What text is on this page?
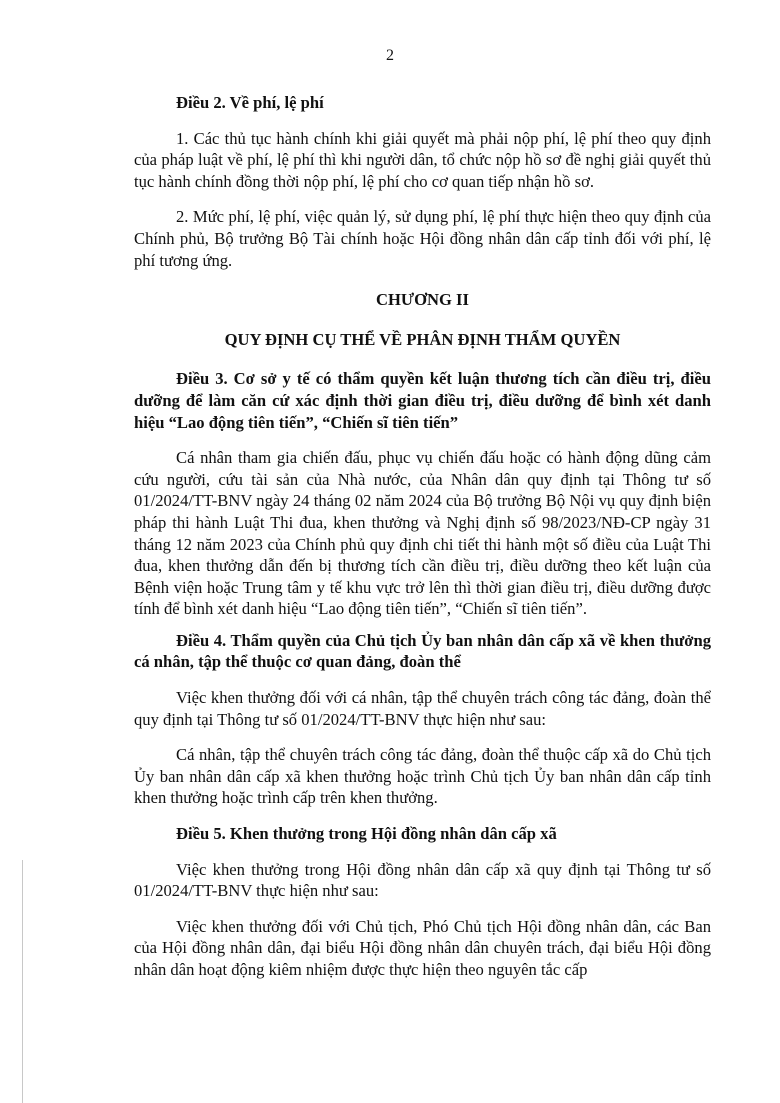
2

Điều 2. Về phí, lệ phí

1. Các thủ tục hành chính khi giải quyết mà phải nộp phí, lệ phí theo quy định của pháp luật về phí, lệ phí thì khi người dân, tổ chức nộp hồ sơ đề nghị giải quyết thủ tục hành chính đồng thời nộp phí, lệ phí cho cơ quan tiếp nhận hồ sơ.

2. Mức phí, lệ phí, việc quản lý, sử dụng phí, lệ phí thực hiện theo quy định của Chính phủ, Bộ trưởng Bộ Tài chính hoặc Hội đồng nhân dân cấp tỉnh đối với phí, lệ phí tương ứng.

CHƯƠNG II

QUY ĐỊNH CỤ THỂ VỀ PHÂN ĐỊNH THẨM QUYỀN

Điều 3. Cơ sở y tế có thẩm quyền kết luận thương tích cần điều trị, điều dưỡng để làm căn cứ xác định thời gian điều trị, điều dưỡng để bình xét danh hiệu “Lao động tiên tiến”, “Chiến sĩ tiên tiến”

Cá nhân tham gia chiến đấu, phục vụ chiến đấu hoặc có hành động dũng cảm cứu người, cứu tài sản của Nhà nước, của Nhân dân quy định tại Thông tư số 01/2024/TT-BNV ngày 24 tháng 02 năm 2024 của Bộ trưởng Bộ Nội vụ quy định biện pháp thi hành Luật Thi đua, khen thưởng và Nghị định số 98/2023/NĐ-CP ngày 31 tháng 12 năm 2023 của Chính phủ quy định chi tiết thi hành một số điều của Luật Thi đua, khen thưởng dẫn đến bị thương tích cần điều trị, điều dưỡng theo kết luận của Bệnh viện hoặc Trung tâm y tế khu vực trở lên thì thời gian điều trị, điều dưỡng được tính để bình xét danh hiệu “Lao động tiên tiến”, “Chiến sĩ tiên tiến”.

Điều 4. Thẩm quyền của Chủ tịch Ủy ban nhân dân cấp xã về khen thưởng cá nhân, tập thể thuộc cơ quan đảng, đoàn thể

Việc khen thưởng đối với cá nhân, tập thể chuyên trách công tác đảng, đoàn thể quy định tại Thông tư số 01/2024/TT-BNV thực hiện như sau:

Cá nhân, tập thể chuyên trách công tác đảng, đoàn thể thuộc cấp xã do Chủ tịch Ủy ban nhân dân cấp xã khen thưởng hoặc trình Chủ tịch Ủy ban nhân dân cấp tỉnh khen thưởng hoặc trình cấp trên khen thưởng.

Điều 5. Khen thưởng trong Hội đồng nhân dân cấp xã

Việc khen thưởng trong Hội đồng nhân dân cấp xã quy định tại Thông tư số 01/2024/TT-BNV thực hiện như sau:

Việc khen thưởng đối với Chủ tịch, Phó Chủ tịch Hội đồng nhân dân, các Ban của Hội đồng nhân dân, đại biểu Hội đồng nhân dân chuyên trách, đại biểu Hội đồng nhân dân hoạt động kiêm nhiệm được thực hiện theo nguyên tắc cấp
